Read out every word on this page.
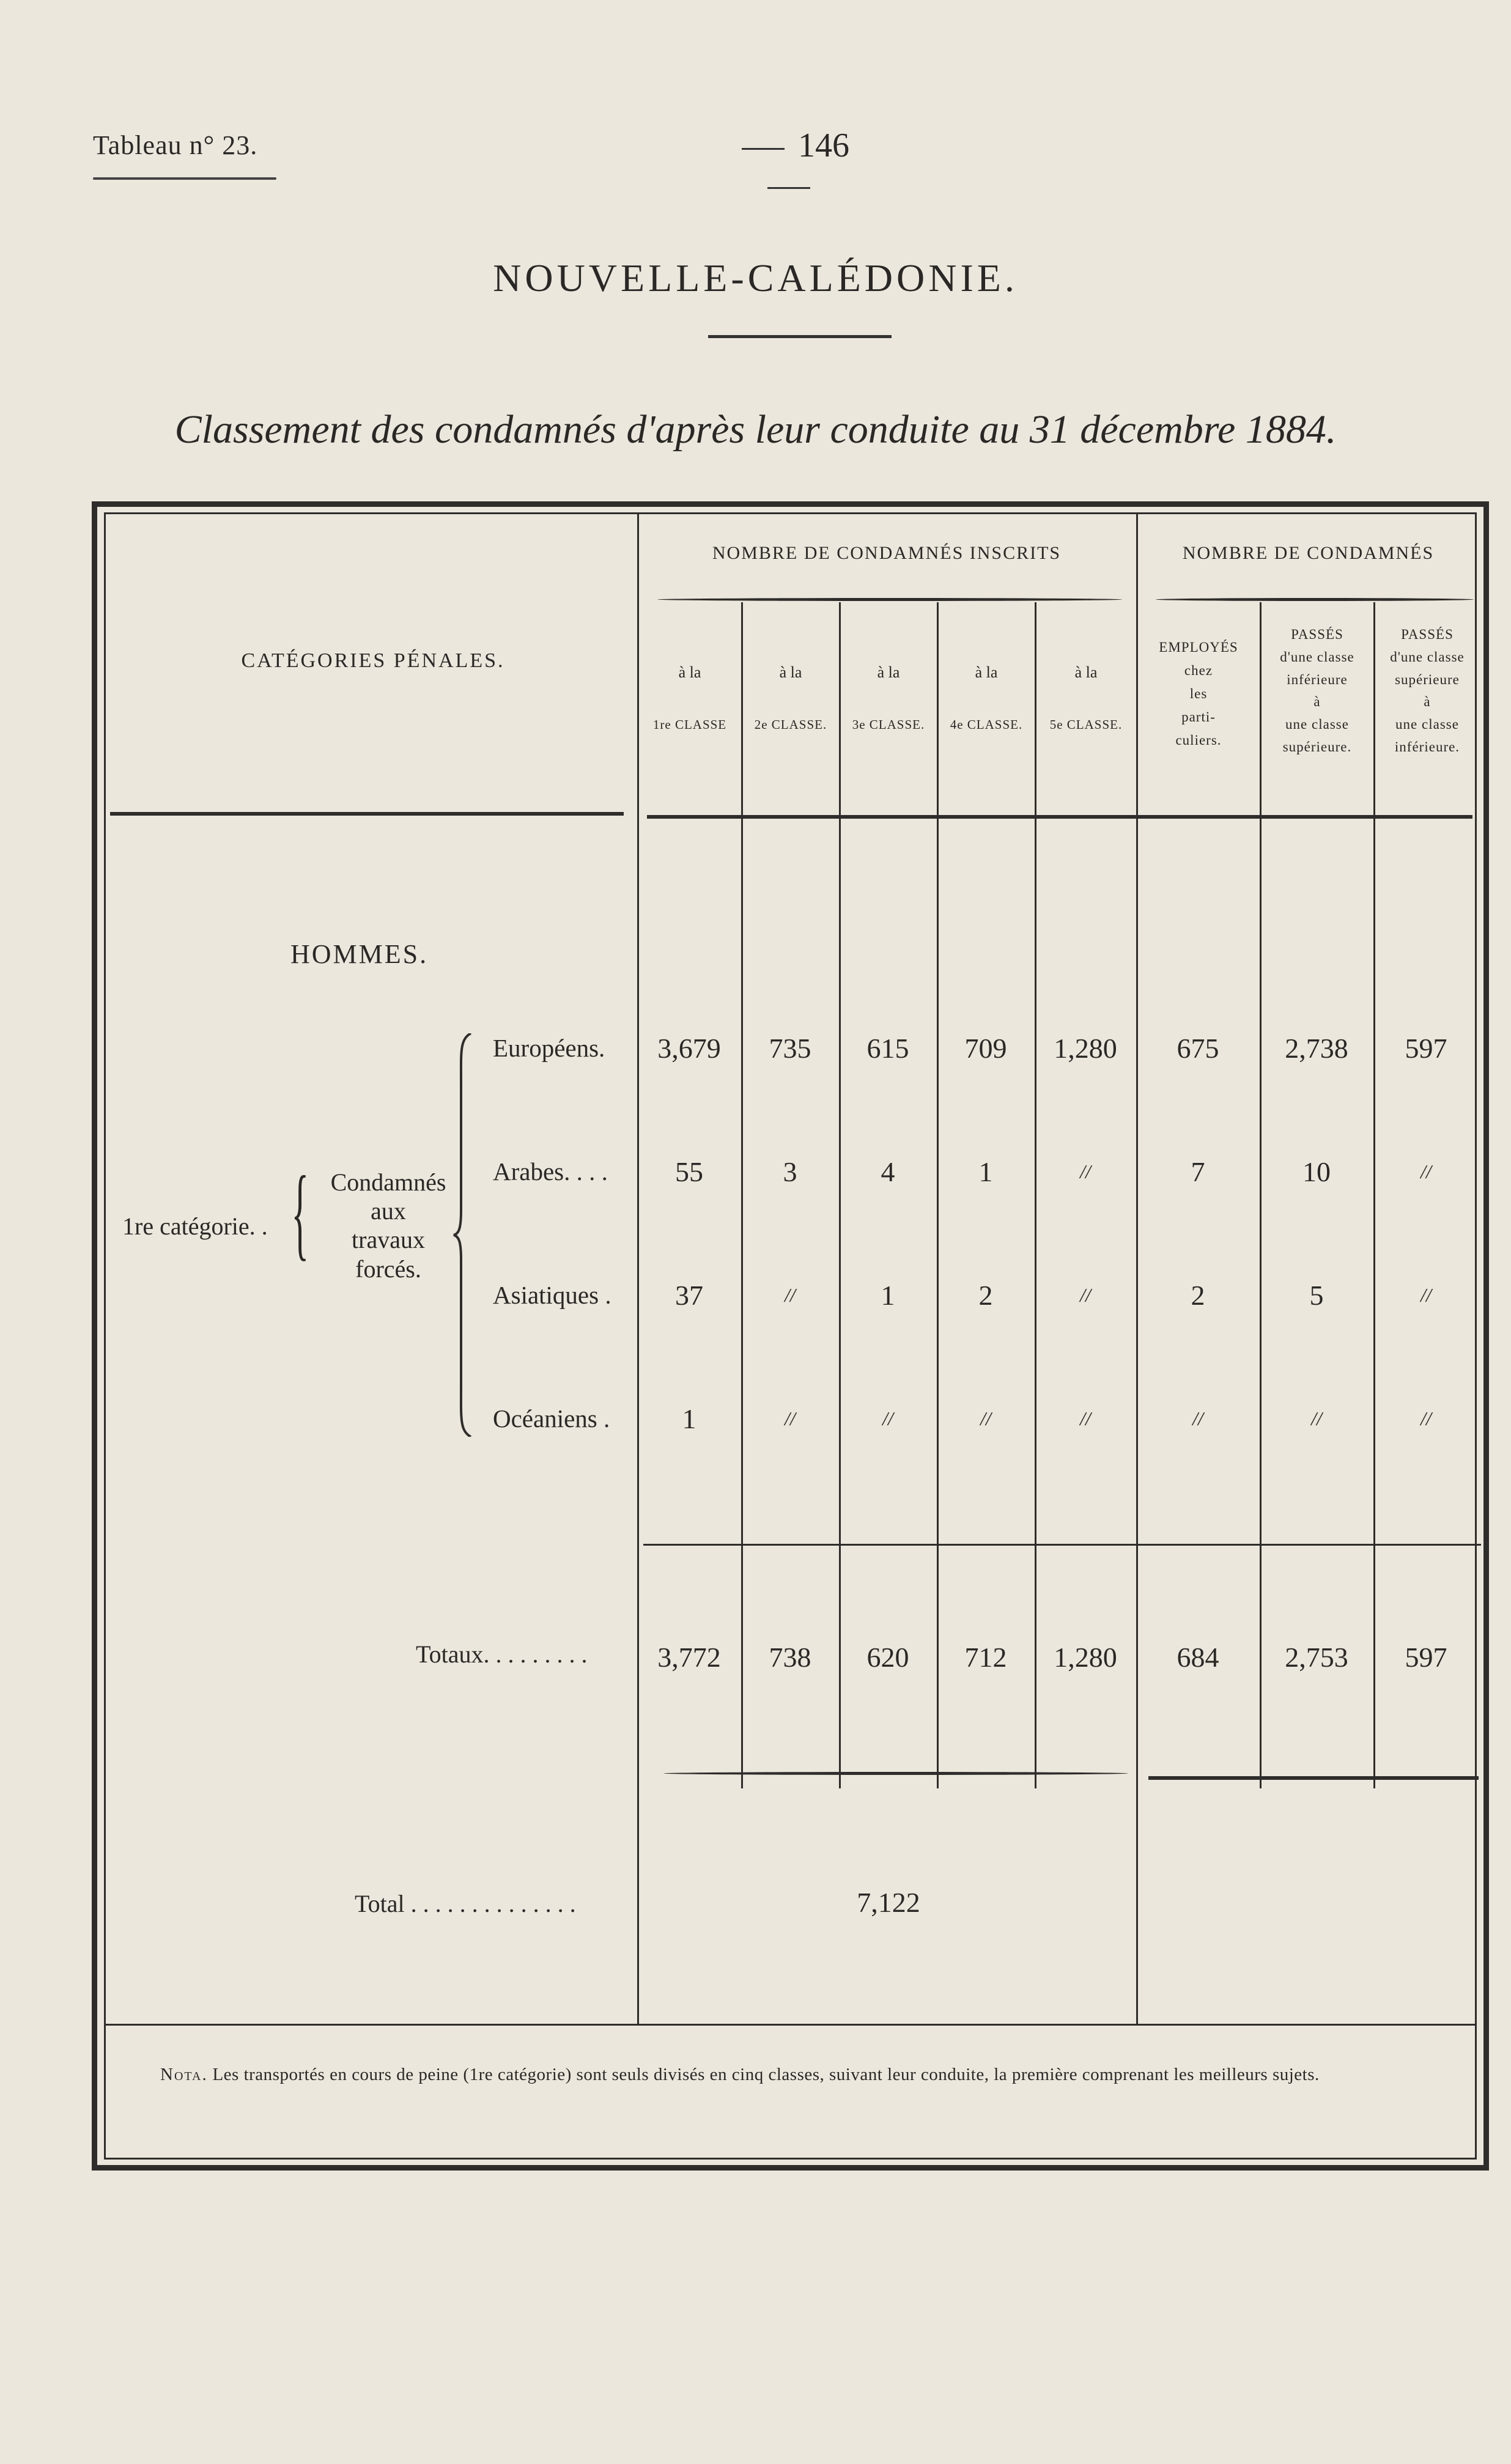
Tableau n° 23.	146
NOUVELLE-CALÉDONIE.
Classement des condamnés d'après leur conduite au 31 décembre 1884.
CATÉGORIES PÉNALES.
NOMBRE DE CONDAMNÉS INSCRITS	NOMBRE DE CONDAMNÉS
à la
1re CLASSE
à la
2e CLASSE.
à la
3e CLASSE.
à la
4e CLASSE.
à la
5e CLASSE.
EMPLOYÉS
chez
les
parti-
culiers.
PASSÉS
d'une classe
inférieure
à
une classe
supérieure.
PASSÉS
d'une classe
supérieure
à
une classe
inférieure.
HOMMES.
1re catégorie. . { Condamnés
aux
travaux
forcés.
Européens.	3,679	735	615	709	1,280	675	2,738	597
Arabes. . . .	55	3	4	1	//	7	10	//
Asiatiques .	37	//	1	2	//	2	5	//
Océaniens .	1	//	//	//	//	//	//	//
Totaux. . . . . . . . .	3,772	738	620	712	1,280	684	2,753	597
Total . . . . . . . . . . . . . .	7,122
Nota. Les transportés en cours de peine (1re catégorie) sont seuls divisés en cinq classes, suivant leur conduite, la première comprenant les meilleurs sujets.
